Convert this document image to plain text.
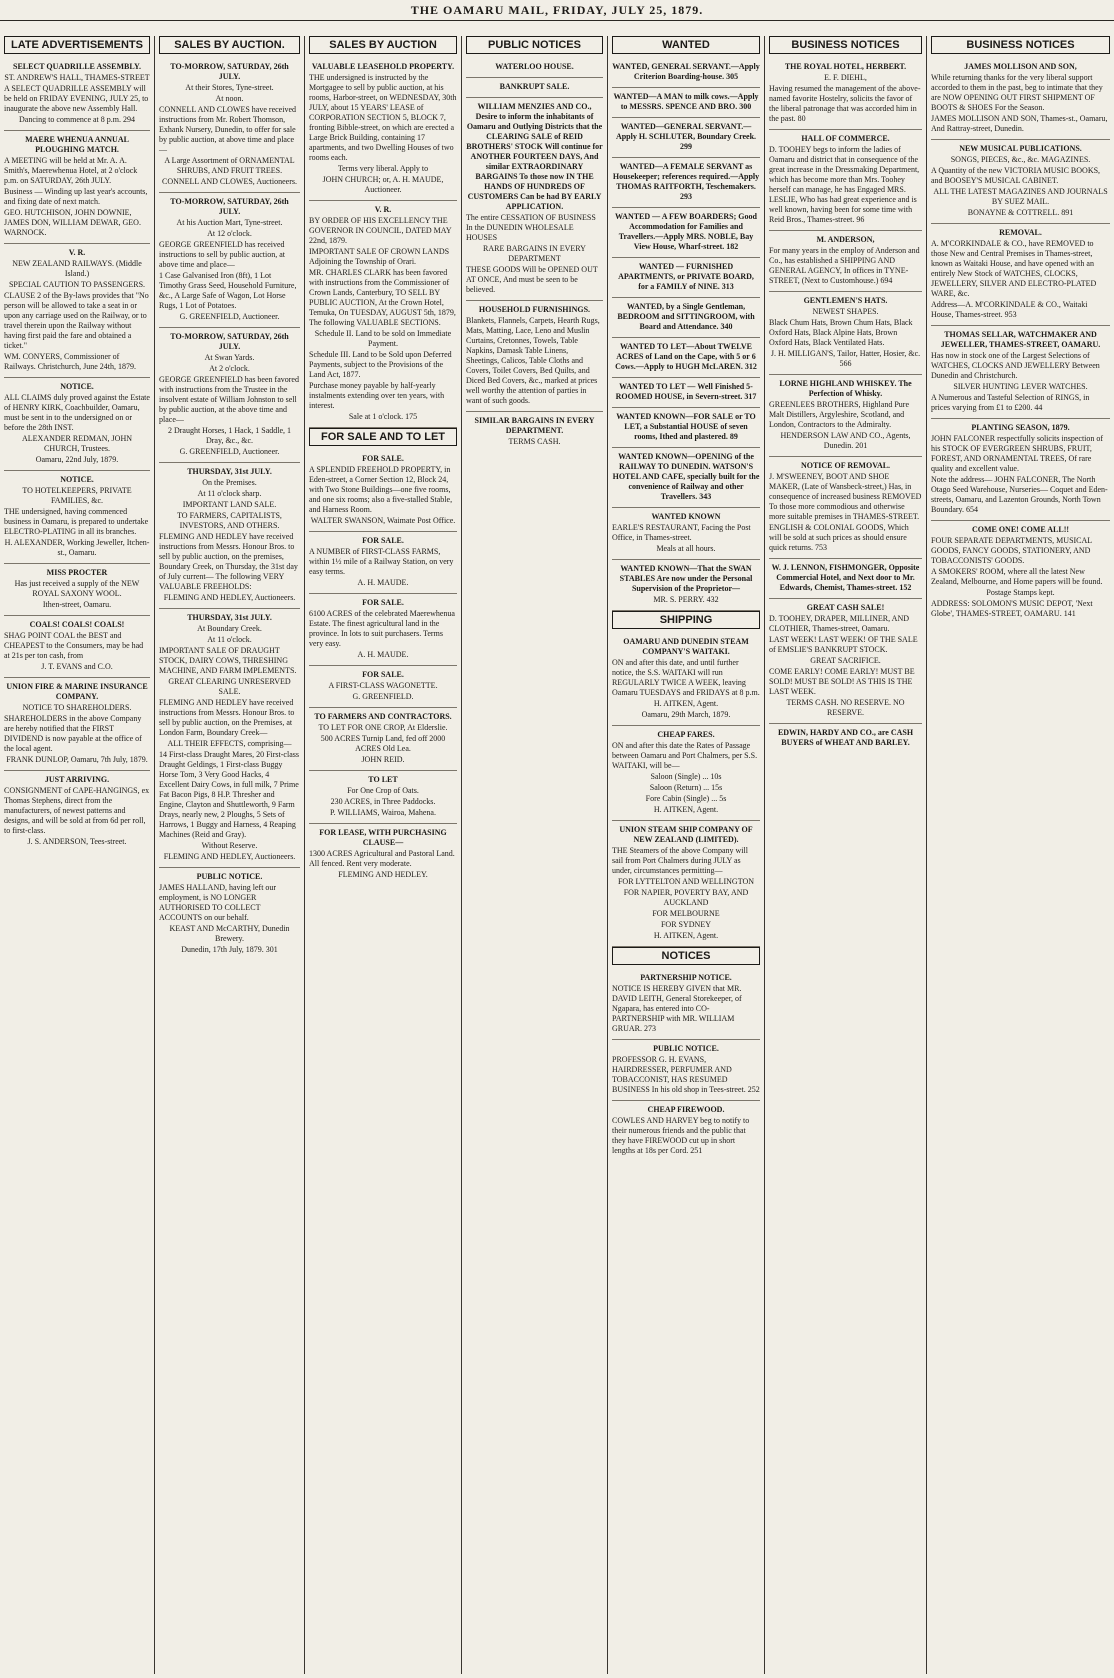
THE OAMARU MAIL, FRIDAY, JULY 25, 1879.
LATE ADVERTISEMENTS
SELECT QUADRILLE ASSEMBLY.
ST. ANDREW'S HALL, THAMES-STREET
A SELECT QUADRILLE ASSEMBLY will be held on FRIDAY EVENING, JULY 25, to inaugurate the above new Assembly Hall.
Dancing to commence at 8 p.m. 294
MAERE WHENUA ANNUAL PLOUGHING MATCH.
A MEETING will be held at Mr. A. A. Smith's, Maerewhenua Hotel, at 2 o'clock p.m. on SATURDAY, 26th JULY.
Business — Winding up last year's accounts, and fixing date of next match.
GEO. HUTCHISON, JOHN DOWNIE, JAMES DON, WILLIAM DEWAR, GEO. WARNOCK.
V. R.
NEW ZEALAND RAILWAYS. (Middle Island.)
SPECIAL CAUTION TO PASSENGERS.
CLAUSE 2 of the By-laws provides that "No person will be allowed to take a seat in or upon any carriage used on the Railway, or to travel therein upon the Railway without having first paid the fare and obtained a ticket."
WM. CONYERS, Commissioner of Railways. Christchurch, June 24th, 1879.
NOTICE.
ALL CLAIMS duly proved against the Estate of HENRY KIRK, Coachbuilder, Oamaru, must be sent in to the undersigned on or before the 28th INST.
ALEXANDER REDMAN, JOHN CHURCH, Trustees.
Oamaru, 22nd July, 1879.
NOTICE.
TO HOTELKEEPERS, PRIVATE FAMILIES, &c.
THE undersigned, having commenced business in Oamaru, is prepared to undertake ELECTRO-PLATING in all its branches.
H. ALEXANDER, Working Jeweller, Itchen-st., Oamaru.
MISS PROCTER
Has just received a supply of the NEW ROYAL SAXONY WOOL.
Ithen-street, Oamaru.
COALS! COALS! COALS!
SHAG POINT COAL the BEST and CHEAPEST to the Consumers, may be had at 21s per ton cash, from
J. T. EVANS and C.O.
UNION FIRE & MARINE INSURANCE COMPANY.
NOTICE TO SHAREHOLDERS.
SHAREHOLDERS in the above Company are hereby notified that the FIRST DIVIDEND is now payable at the office of the local agent.
FRANK DUNLOP, Oamaru, 7th July, 1879.
JUST ARRIVING.
CONSIGNMENT of CAPE-HANGINGS, ex Thomas Stephens, direct from the manufacturers, of newest patterns and designs, and will be sold at from 6d per roll, to first-class.
J. S. ANDERSON, Tees-street.
SALES BY AUCTION.
TO-MORROW, SATURDAY, 26th JULY.
At their Stores, Tyne-street.
At noon.
CONNELL AND CLOWES have received instructions from Mr. Robert Thomson, Exhank Nursery, Dunedin, to offer for sale by public auction, at above time and place—
A Large Assortment of ORNAMENTAL SHRUBS, AND FRUIT TREES.
CONNELL AND CLOWES, Auctioneers.
TO-MORROW, SATURDAY, 26th JULY.
At his Auction Mart, Tyne-street.
At 12 o'clock.
GEORGE GREENFIELD has received instructions to sell by public auction, at above time and place—
1 Case Galvanised Iron (8ft), 1 Lot Timothy Grass Seed, Household Furniture, &c., A Large Safe of Wagon, Lot Horse Rugs, 1 Lot of Potatoes.
G. GREENFIELD, Auctioneer.
TO-MORROW, SATURDAY, 26th JULY.
At Swan Yards.
At 2 o'clock.
GEORGE GREENFIELD has been favored with instructions from the Trustee in the insolvent estate of William Johnston to sell by public auction, at the above time and place—
2 Draught Horses, 1 Hack, 1 Saddle, 1 Dray, &c., &c.
G. GREENFIELD, Auctioneer.
THURSDAY, 31st JULY.
On the Premises.
At 11 o'clock sharp.
IMPORTANT LAND SALE.
TO FARMERS, CAPITALISTS, INVESTORS, AND OTHERS.
FLEMING AND HEDLEY have received instructions from Messrs. Honour Bros. to sell by public auction, on the premises, Boundary Creek, on Thursday, the 31st day of July current— The following VERY VALUABLE FREEHOLDS:
FLEMING AND HEDLEY, Auctioneers.
THURSDAY, 31st JULY.
At Boundary Creek.
At 11 o'clock.
IMPORTANT SALE OF DRAUGHT STOCK, DAIRY COWS, THRESHING MACHINE, AND FARM IMPLEMENTS.
GREAT CLEARING UNRESERVED SALE.
FLEMING AND HEDLEY have received instructions from Messrs. Honour Bros. to sell by public auction, on the Premises, at London Farm, Boundary Creek—
ALL THEIR EFFECTS, comprising—
14 First-class Draught Mares, 20 First-class Draught Geldings, 1 First-class Buggy Horse Tom, 3 Very Good Hacks, 4 Excellent Dairy Cows, in full milk, 7 Prime Fat Bacon Pigs, 8 H.P. Thresher and Engine, Clayton and Shuttleworth, 9 Farm Drays, nearly new, 2 Ploughs, 5 Sets of Harrows, 1 Buggy and Harness, 4 Reaping Machines (Reid and Gray).
Without Reserve.
FLEMING AND HEDLEY, Auctioneers.
PUBLIC NOTICE.
JAMES HALLAND, having left our employment, is NO LONGER AUTHORISED TO COLLECT ACCOUNTS on our behalf.
KEAST AND McCARTHY, Dunedin Brewery.
Dunedin, 17th July, 1879. 301
SALES BY AUCTION
VALUABLE LEASEHOLD PROPERTY.
THE undersigned is instructed by the Mortgagee to sell by public auction, at his rooms, Harbor-street, on WEDNESDAY, 30th JULY, about 15 YEARS' LEASE of CORPORATION SECTION 5, BLOCK 7, fronting Bibble-street, on which are erected a Large Brick Building, containing 17 apartments, and two Dwelling Houses of two rooms each.
Terms very liberal. Apply to
JOHN CHURCH; or, A. H. MAUDE, Auctioneer.
V. R.
BY ORDER OF HIS EXCELLENCY THE GOVERNOR IN COUNCIL, DATED MAY 22nd, 1879.
IMPORTANT SALE OF CROWN LANDS Adjoining the Township of Orari.
MR. CHARLES CLARK has been favored with instructions from the Commissioner of Crown Lands, Canterbury, TO SELL BY PUBLIC AUCTION, At the Crown Hotel, Temuka, On TUESDAY, AUGUST 5th, 1879, The following VALUABLE SECTIONS.
Schedule II. Land to be sold on Immediate Payment.
Schedule III. Land to be Sold upon Deferred Payments, subject to the Provisions of the Land Act, 1877.
Purchase money payable by half-yearly instalments extending over ten years, with interest.
Sale at 1 o'clock. 175
FOR SALE AND TO LET
FOR SALE.
A SPLENDID FREEHOLD PROPERTY, in Eden-street, a Corner Section 12, Block 24, with Two Stone Buildings—one five rooms, and one six rooms; also a five-stalled Stable, and Harness Room.
WALTER SWANSON, Waimate Post Office.
FOR SALE.
A NUMBER of FIRST-CLASS FARMS, within 1½ mile of a Railway Station, on very easy terms.
A. H. MAUDE.
FOR SALE.
6100 ACRES of the celebrated Maerewhenua Estate. The finest agricultural land in the province. In lots to suit purchasers. Terms very easy.
A. H. MAUDE.
FOR SALE.
A FIRST-CLASS WAGONETTE.
G. GREENFIELD.
TO FARMERS AND CONTRACTORS.
TO LET FOR ONE CROP, At Elderslie.
500 ACRES Turnip Land, fed off 2000 ACRES Old Lea.
JOHN REID.
TO LET
For One Crop of Oats.
230 ACRES, in Three Paddocks.
P. WILLIAMS, Wairoa, Mahena.
FOR LEASE, WITH PURCHASING CLAUSE—
1300 ACRES Agricultural and Pastoral Land. All fenced. Rent very moderate.
FLEMING AND HEDLEY.
PUBLIC NOTICES
WATERLOO HOUSE.
BANKRUPT SALE.
WILLIAM MENZIES AND CO., Desire to inform the inhabitants of Oamaru and Outlying Districts that the CLEARING SALE of REID BROTHERS' STOCK Will continue for ANOTHER FOURTEEN DAYS, And similar EXTRAORDINARY BARGAINS To those now IN THE HANDS OF HUNDREDS OF CUSTOMERS Can be had BY EARLY APPLICATION.
The entire CESSATION OF BUSINESS In the DUNEDIN WHOLESALE HOUSES
RARE BARGAINS IN EVERY DEPARTMENT
THESE GOODS Will be OPENED OUT AT ONCE, And must be seen to be believed.
HOUSEHOLD FURNISHINGS.
Blankets, Flannels, Carpets, Hearth Rugs, Mats, Matting, Lace, Leno and Muslin Curtains, Cretonnes, Towels, Table Napkins, Damask Table Linens, Sheetings, Calicos, Table Cloths and Covers, Toilet Covers, Bed Quilts, and Diced Bed Covers, &c., marked at prices well worthy the attention of parties in want of such goods.
SIMILAR BARGAINS IN EVERY DEPARTMENT.
TERMS CASH.
WANTED
WANTED, GENERAL SERVANT.—Apply Criterion Boarding-house. 305
WANTED—A MAN to milk cows.—Apply to MESSRS. SPENCE AND BRO. 300
WANTED—GENERAL SERVANT.—Apply H. SCHLUTER, Boundary Creek. 299
WANTED—A FEMALE SERVANT as Housekeeper; references required.—Apply THOMAS RAITFORTH, Teschemakers. 293
WANTED — A FEW BOARDERS; Good Accommodation for Families and Travellers.—Apply MRS. NOBLE, Bay View House, Wharf-street. 182
WANTED — FURNISHED APARTMENTS, or PRIVATE BOARD, for a FAMILY of NINE. 313
WANTED, by a Single Gentleman, BEDROOM and SITTINGROOM, with Board and Attendance. 340
WANTED TO LET—About TWELVE ACRES of Land on the Cape, with 5 or 6 Cows.—Apply to HUGH McLAREN. 312
WANTED TO LET — Well Finished 5-ROOMED HOUSE, in Severn-street. 317
WANTED KNOWN—FOR SALE or TO LET, a Substantial HOUSE of seven rooms, Ithed and plastered. 89
WANTED KNOWN—OPENING of the RAILWAY TO DUNEDIN. WATSON'S HOTEL AND CAFE, specially built for the convenience of Railway and other Travellers. 343
WANTED KNOWN
EARLE'S RESTAURANT, Facing the Post Office, in Thames-street.
Meals at all hours.
WANTED KNOWN—That the SWAN STABLES Are now under the Personal Supervision of the Proprietor—
MR. S. PERRY. 432
SHIPPING
OAMARU AND DUNEDIN STEAM COMPANY'S WAITAKI.
ON and after this date, and until further notice, the S.S. WAITAKI will run REGULARLY TWICE A WEEK, leaving Oamaru TUESDAYS and FRIDAYS at 8 p.m.
H. AITKEN, Agent.
Oamaru, 29th March, 1879.
CHEAP FARES.
ON and after this date the Rates of Passage between Oamaru and Port Chalmers, per S.S. WAITAKI, will be—
Saloon (Single) ... 10s
Saloon (Return) ... 15s
Fore Cabin (Single) ... 5s
H. AITKEN, Agent.
UNION STEAM SHIP COMPANY OF NEW ZEALAND (LIMITED).
THE Steamers of the above Company will sail from Port Chalmers during JULY as under, circumstances permitting—
FOR LYTTELTON AND WELLINGTON
FOR NAPIER, POVERTY BAY, AND AUCKLAND
FOR MELBOURNE
FOR SYDNEY
H. AITKEN, Agent.
NOTICES
PARTNERSHIP NOTICE.
NOTICE IS HEREBY GIVEN that MR. DAVID LEITH, General Storekeeper, of Ngapara, has entered into CO-PARTNERSHIP with MR. WILLIAM GRUAR. 273
PUBLIC NOTICE.
PROFESSOR G. H. EVANS, HAIRDRESSER, PERFUMER AND TOBACCONIST, HAS RESUMED BUSINESS In his old shop in Tees-street. 252
CHEAP FIREWOOD.
COWLES AND HARVEY beg to notify to their numerous friends and the public that they have FIREWOOD cut up in short lengths at 18s per Cord. 251
BUSINESS NOTICES
THE ROYAL HOTEL, HERBERT.
E. F. DIEHL,
Having resumed the management of the above-named favorite Hostelry, solicits the favor of the liberal patronage that was accorded him in the past. 80
HALL OF COMMERCE.
D. TOOHEY begs to inform the ladies of Oamaru and district that in consequence of the great increase in the Dressmaking Department, which has become more than Mrs. Toohey herself can manage, he has Engaged MRS. LESLIE, Who has had great experience and is well known, having been for some time with Reid Bros., Thames-street. 96
M. ANDERSON,
For many years in the employ of Anderson and Co., has established a SHIPPING AND GENERAL AGENCY, In offices in TYNE-STREET, (Next to Customhouse.) 694
GENTLEMEN'S HATS.
NEWEST SHAPES.
Black Chum Hats, Brown Chum Hats, Black Oxford Hats, Black Alpine Hats, Brown Oxford Hats, Black Ventilated Hats.
J. H. MILLIGAN'S, Tailor, Hatter, Hosier, &c. 566
LORNE HIGHLAND WHISKEY. The Perfection of Whisky.
GREENLEES BROTHERS, Highland Pure Malt Distillers, Argyleshire, Scotland, and London, Contractors to the Admiralty.
HENDERSON LAW AND CO., Agents, Dunedin. 201
NOTICE OF REMOVAL.
J. M'SWEENEY, BOOT AND SHOE MAKER, (Late of Wansbeck-street,) Has, in consequence of increased business REMOVED To those more commodious and otherwise more suitable premises in THAMES-STREET.
ENGLISH & COLONIAL GOODS, Which will be sold at such prices as should ensure quick returns. 753
W. J. LENNON, FISHMONGER, Opposite Commercial Hotel, and Next door to Mr. Edwards, Chemist, Thames-street. 152
GREAT CASH SALE!
D. TOOHEY, DRAPER, MILLINER, AND CLOTHIER, Thames-street, Oamaru.
LAST WEEK! LAST WEEK! OF THE SALE of EMSLIE'S BANKRUPT STOCK.
GREAT SACRIFICE.
COME EARLY! COME EARLY! MUST BE SOLD! MUST BE SOLD! AS THIS IS THE LAST WEEK.
TERMS CASH. NO RESERVE. NO RESERVE.
EDWIN, HARDY AND CO., are CASH BUYERS of WHEAT AND BARLEY.
BUSINESS NOTICES
JAMES MOLLISON AND SON,
While returning thanks for the very liberal support accorded to them in the past, beg to intimate that they are NOW OPENING OUT FIRST SHIPMENT OF BOOTS & SHOES For the Season.
JAMES MOLLISON AND SON, Thames-st., Oamaru, And Rattray-street, Dunedin.
NEW MUSICAL PUBLICATIONS.
SONGS, PIECES, &c., &c. MAGAZINES.
A Quantity of the new VICTORIA MUSIC BOOKS, and BOOSEY'S MUSICAL CABINET.
ALL THE LATEST MAGAZINES AND JOURNALS BY SUEZ MAIL.
BONAYNE & COTTRELL. 891
REMOVAL.
A. M'CORKINDALE & CO., have REMOVED to those New and Central Premises in Thames-street, known as Waitaki House, and have opened with an entirely New Stock of WATCHES, CLOCKS, JEWELLERY, SILVER AND ELECTRO-PLATED WARE, &c.
Address—A. M'CORKINDALE & CO., Waitaki House, Thames-street. 953
THOMAS SELLAR, WATCHMAKER AND JEWELLER, THAMES-STREET, OAMARU.
Has now in stock one of the Largest Selections of WATCHES, CLOCKS AND JEWELLERY Between Dunedin and Christchurch.
SILVER HUNTING LEVER WATCHES.
A Numerous and Tasteful Selection of RINGS, in prices varying from £1 to £200. 44
PLANTING SEASON, 1879.
JOHN FALCONER respectfully solicits inspection of his STOCK OF EVERGREEN SHRUBS, FRUIT, FOREST, AND ORNAMENTAL TREES, Of rare quality and excellent value.
Note the address— JOHN FALCONER, The North Otago Seed Warehouse, Nurseries— Coquet and Eden-streets, Oamaru, and Lazenton Grounds, North Town Boundary. 654
COME ONE! COME ALL!!
FOUR SEPARATE DEPARTMENTS, MUSICAL GOODS, FANCY GOODS, STATIONERY, AND TOBACCONISTS' GOODS.
A SMOKERS' ROOM, where all the latest New Zealand, Melbourne, and Home papers will be found.
Postage Stamps kept.
ADDRESS: SOLOMON'S MUSIC DEPOT, 'Next Globe', THAMES-STREET, OAMARU. 141
